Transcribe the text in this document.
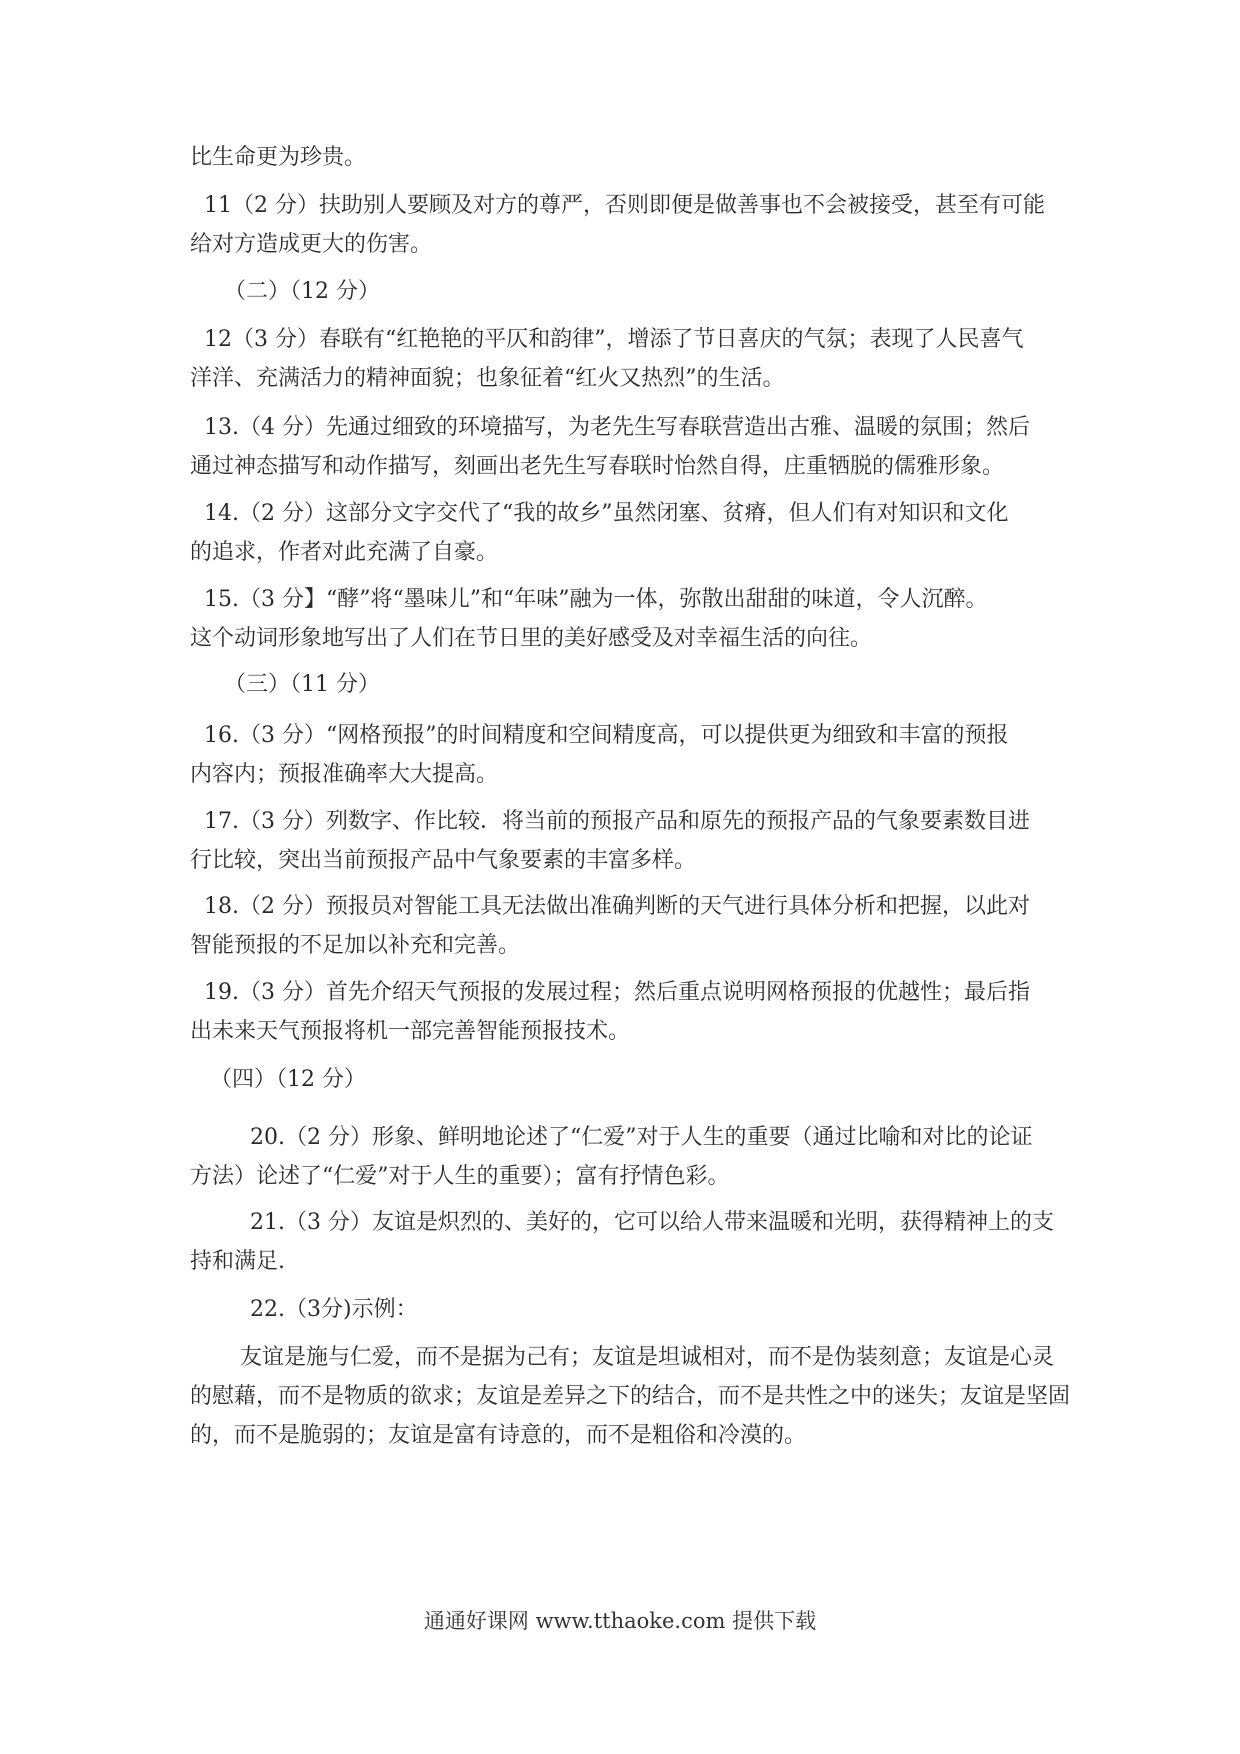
比生命更为珍贵。
11（2 分）扶助别人要顾及对方的尊严，否则即便是做善事也不会被接受，甚至有可能
给对方造成更大的伤害。
（二）（12 分）
12（3 分）春联有“红艳艳的平仄和韵律”，增添了节日喜庆的气氛；表现了人民喜气
洋洋、充满活力的精神面貌；也象征着“红火又热烈”的生活。
13.（4 分）先通过细致的环境描写，为老先生写春联营造出古雅、温暖的氛围；然后
通过神态描写和动作描写，刻画出老先生写春联时怡然自得，庄重牺脱的儒雅形象。
14.（2 分）这部分文字交代了“我的故乡”虽然闭塞、贫瘠，但人们有对知识和文化
的追求，作者对此充满了自豪。
15.（3 分】“酵”将“墨味儿”和“年味”融为一体，弥散出甜甜的味道，令人沉醉。
这个动词形象地写出了人们在节日里的美好感受及对幸福生活的向往。
（三）（11 分）
16.（3 分）“网格预报”的时间精度和空间精度高，可以提供更为细致和丰富的预报
内容内；预报准确率大大提高。
17.（3 分）列数字、作比较．将当前的预报产品和原先的预报产品的气象要素数目进
行比较，突出当前预报产品中气象要素的丰富多样。
18.（2 分）预报员对智能工具无法做出准确判断的天气进行具体分析和把握，以此对
智能预报的不足加以补充和完善。
19.（3 分）首先介绍天气预报的发展过程；然后重点说明网格预报的优越性；最后指
出未来天气预报将机一部完善智能预报技术。
（四）（12 分）
20.（2 分）形象、鲜明地论述了“仁爱”对于人生的重要（通过比喻和对比的论证
方法）论述了“仁爱”对于人生的重要）；富有抒情色彩。
21.（3 分）友谊是炽烈的、美好的，它可以给人带来温暖和光明，获得精神上的支
持和满足.
22.（3分)示例：
友谊是施与仁爱，而不是据为己有；友谊是坦诚相对，而不是伪装刻意；友谊是心灵
的慰藉，而不是物质的欲求；友谊是差异之下的结合，而不是共性之中的迷失；友谊是坚固
的，而不是脆弱的；友谊是富有诗意的，而不是粗俗和冷漠的。
通通好课网 www.tthaoke.com 提供下载
